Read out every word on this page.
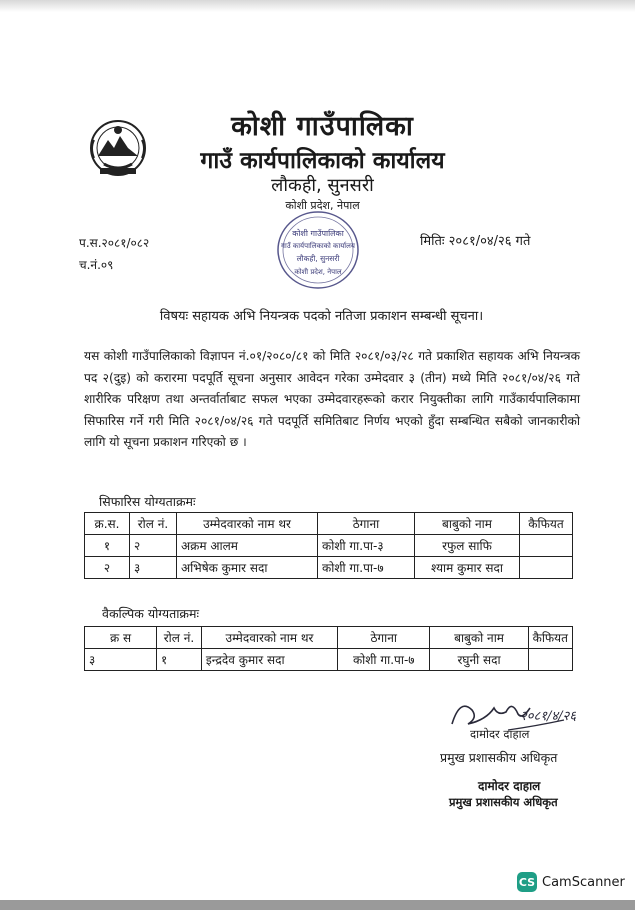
कोशी गाउँपालिका
गाउँ कार्यपालिकाको कार्यालय
लौकही, सुनसरी
कोशी प्रदेश, नेपाल
प.स.२०८१/०८२
च.नं.०९
मितिः २०८१/०४/२६ गते
कोशी गाउँपालिका
गाउँ कार्यपालिकाको कार्यालय
लौकही, सुनसरी
कोशी प्रदेश, नेपाल
विषयः सहायक अभि नियन्त्रक पदको नतिजा प्रकाशन सम्बन्धी सूचना।
यस कोशी गाउँपालिकाको विज्ञापन नं.०१/२०८०/८१ को मिति २०८१/०३/२८ गते प्रकाशित सहायक अभि नियन्त्रक पद २(दुइ) को करारमा पदपूर्ति सूचना अनुसार आवेदन गरेका उम्मेदवार ३ (तीन) मध्ये मिति २०८१/०४/२६ गते शारीरिक परिक्षण तथा अन्तर्वार्ताबाट सफल भएका उम्मेदवारहरूको करार नियुक्तीका लागि गाउँकार्यपालिकामा सिफारिस गर्ने गरी मिति २०८१/०४/२६ गते पदपूर्ति समितिबाट निर्णय भएको हुँदा सम्बन्धित सबैको जानकारीको लागि यो सूचना प्रकाशन गरिएको छ ।
सिफारिस योग्यताक्रमः
क्र.स.	रोल नं.	उम्मेदवारको नाम थर	ठेगाना	बाबुको नाम	कैफियत
१	२	अक्रम आलम	कोशी गा.पा-३	रफुल साफि	
२	३	अभिषेक कुमार सदा	कोशी गा.पा-७	श्याम कुमार सदा	
वैकल्पिक योग्यताक्रमः
क्र स	रोल नं.	उम्मेदवारको नाम थर	ठेगाना	बाबुको नाम	कैफियत
३	१	इन्द्रदेव कुमार सदा	कोशी गा.पा-७	रघुनी सदा	
२०८१/४/२६
दामोदर दाहाल
प्रमुख प्रशासकीय अधिकृत
दामोदर दाहाल
प्रमुख प्रशासकीय अधिकृत
CS CamScanner
